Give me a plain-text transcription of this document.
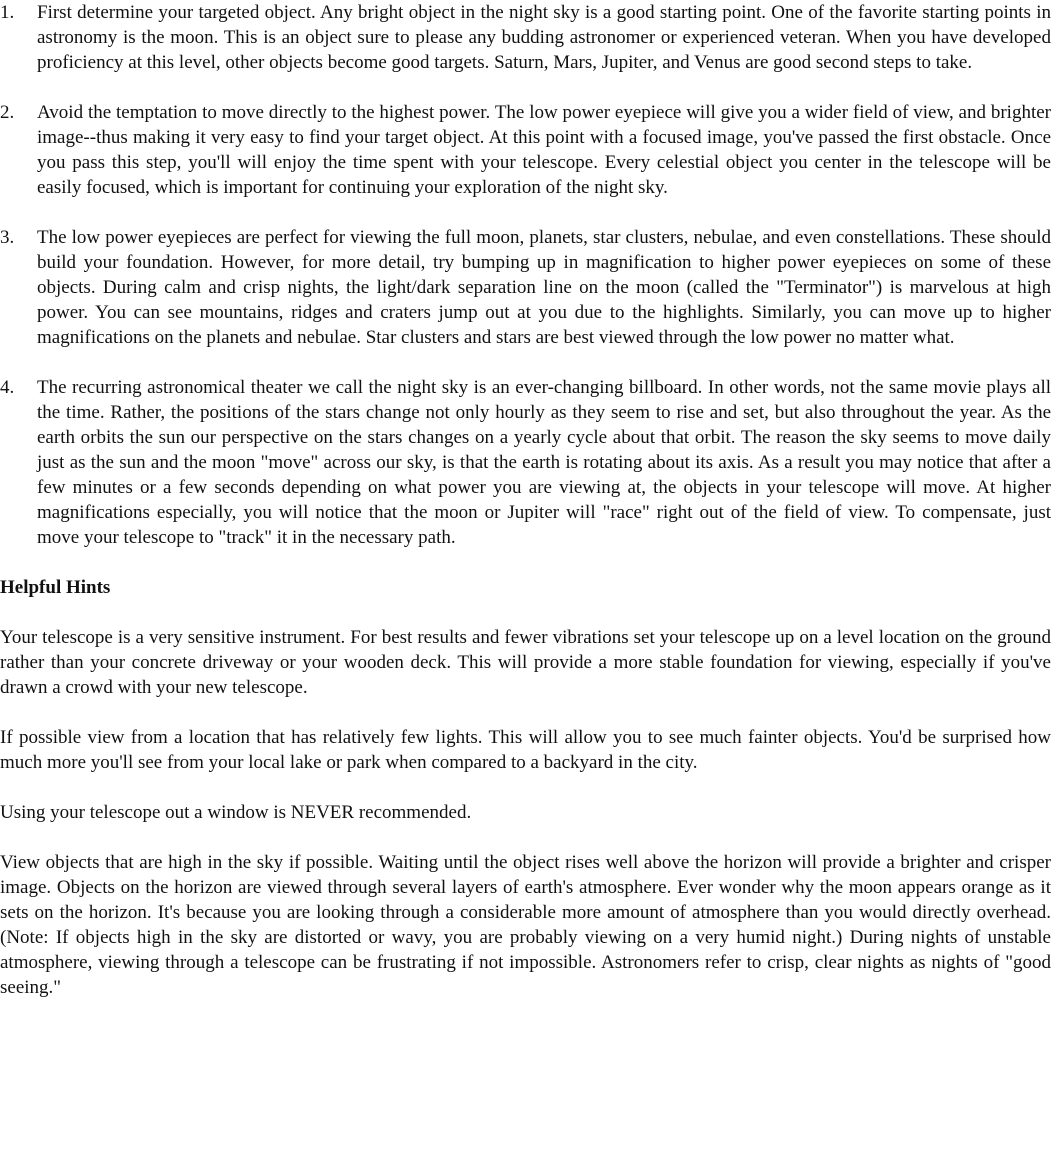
1.	First determine your targeted object. Any bright object in the night sky is a good starting point. One of the favorite starting points in astronomy is the moon. This is an object sure to please any budding astronomer or experienced veteran. When you have developed proficiency at this level, other objects become good targets. Saturn, Mars, Jupiter, and Venus are good second steps to take.
2.	Avoid the temptation to move directly to the highest power. The low power eyepiece will give you a wider field of view, and brighter image--thus making it very easy to find your target object. At this point with a focused image, you've passed the first obstacle. Once you pass this step, you'll will enjoy the time spent with your telescope. Every celestial object you center in the telescope will be easily focused, which is important for continuing your exploration of the night sky.
3.	The low power eyepieces are perfect for viewing the full moon, planets, star clusters, nebulae, and even constellations. These should build your foundation. However, for more detail, try bumping up in magnification to higher power eyepieces on some of these objects. During calm and crisp nights, the light/dark separation line on the moon (called the "Terminator") is marvelous at high power. You can see mountains, ridges and craters jump out at you due to the highlights. Similarly, you can move up to higher magnifications on the planets and nebulae. Star clusters and stars are best viewed through the low power no matter what.
4.	The recurring astronomical theater we call the night sky is an ever-changing billboard. In other words, not the same movie plays all the time. Rather, the positions of the stars change not only hourly as they seem to rise and set, but also throughout the year. As the earth orbits the sun our perspective on the stars changes on a yearly cycle about that orbit. The reason the sky seems to move daily just as the sun and the moon "move" across our sky, is that the earth is rotating about its axis. As a result you may notice that after a few minutes or a few seconds depending on what power you are viewing at, the objects in your telescope will move. At higher magnifications especially, you will notice that the moon or Jupiter will "race" right out of the field of view. To compensate, just move your telescope to "track" it in the necessary path.
Helpful Hints

Your telescope is a very sensitive instrument. For best results and fewer vibrations set your telescope up on a level location on the ground rather than your concrete driveway or your wooden deck. This will provide a more stable foundation for viewing, especially if you've drawn a crowd with your new telescope.

If possible view from a location that has relatively few lights. This will allow you to see much fainter objects. You'd be surprised how much more you'll see from your local lake or park when compared to a backyard in the city.

Using your telescope out a window is NEVER recommended.

View objects that are high in the sky if possible. Waiting until the object rises well above the horizon will provide a brighter and crisper image. Objects on the horizon are viewed through several layers of earth's atmosphere. Ever wonder why the moon appears orange as it sets on the horizon. It's because you are looking through a considerable more amount of atmosphere than you would directly overhead. (Note: If objects high in the sky are distorted or wavy, you are probably viewing on a very humid night.) During nights of unstable atmosphere, viewing through a telescope can be frustrating if not impossible. Astronomers refer to crisp, clear nights as nights of "good seeing."
